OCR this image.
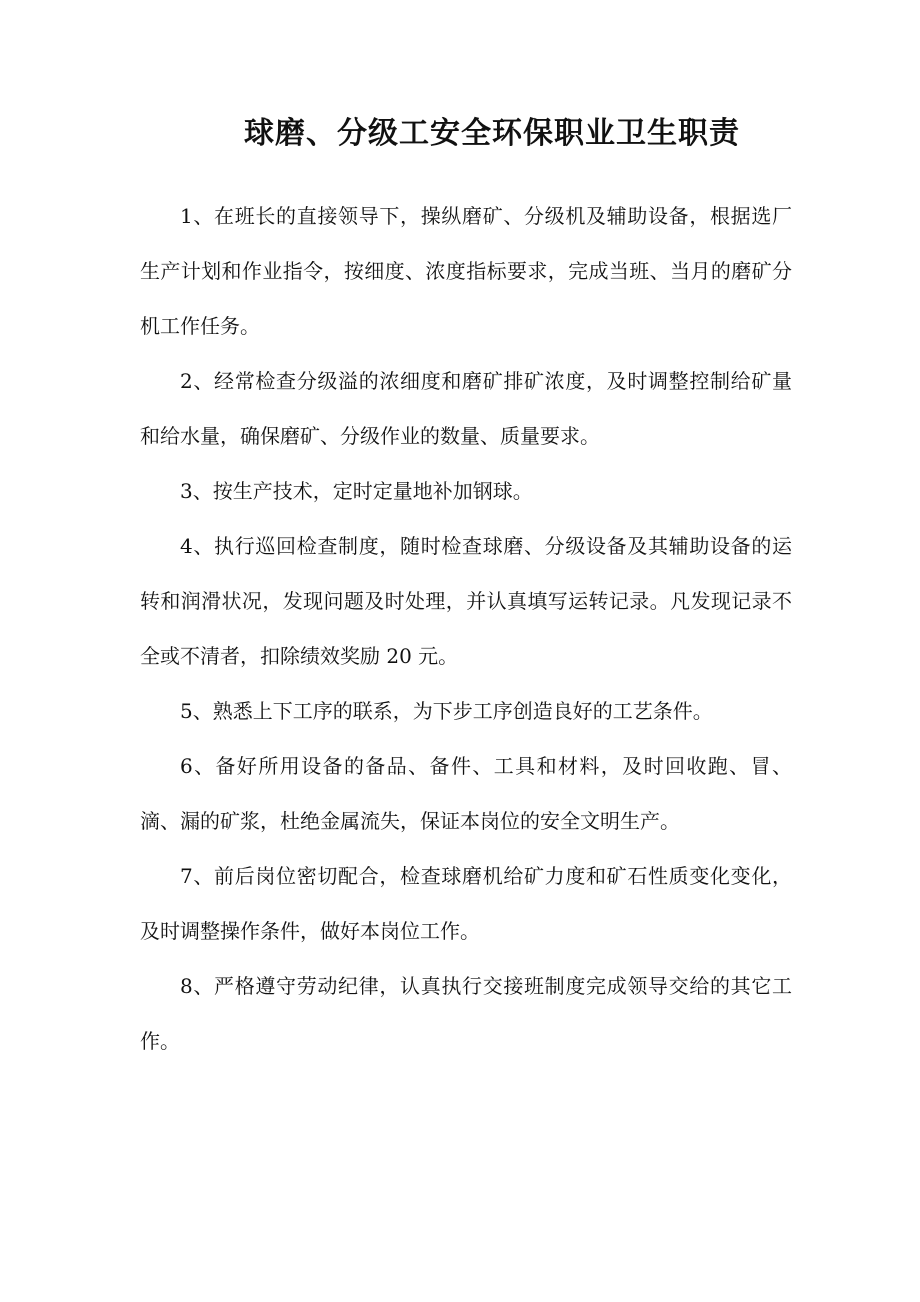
球磨、分级工安全环保职业卫生职责

1、在班长的直接领导下，操纵磨矿、分级机及辅助设备，根据选厂生产计划和作业指令，按细度、浓度指标要求，完成当班、当月的磨矿分机工作任务。

2、经常检查分级溢的浓细度和磨矿排矿浓度，及时调整控制给矿量和给水量，确保磨矿、分级作业的数量、质量要求。

3、按生产技术，定时定量地补加钢球。

4、执行巡回检查制度，随时检查球磨、分级设备及其辅助设备的运转和润滑状况，发现问题及时处理，并认真填写运转记录。凡发现记录不全或不清者，扣除绩效奖励 20 元。

5、熟悉上下工序的联系，为下步工序创造良好的工艺条件。

6、备好所用设备的备品、备件、工具和材料，及时回收跑、冒、滴、漏的矿浆，杜绝金属流失，保证本岗位的安全文明生产。

7、前后岗位密切配合，检查球磨机给矿力度和矿石性质变化变化，及时调整操作条件，做好本岗位工作。

8、严格遵守劳动纪律，认真执行交接班制度完成领导交给的其它工作。
